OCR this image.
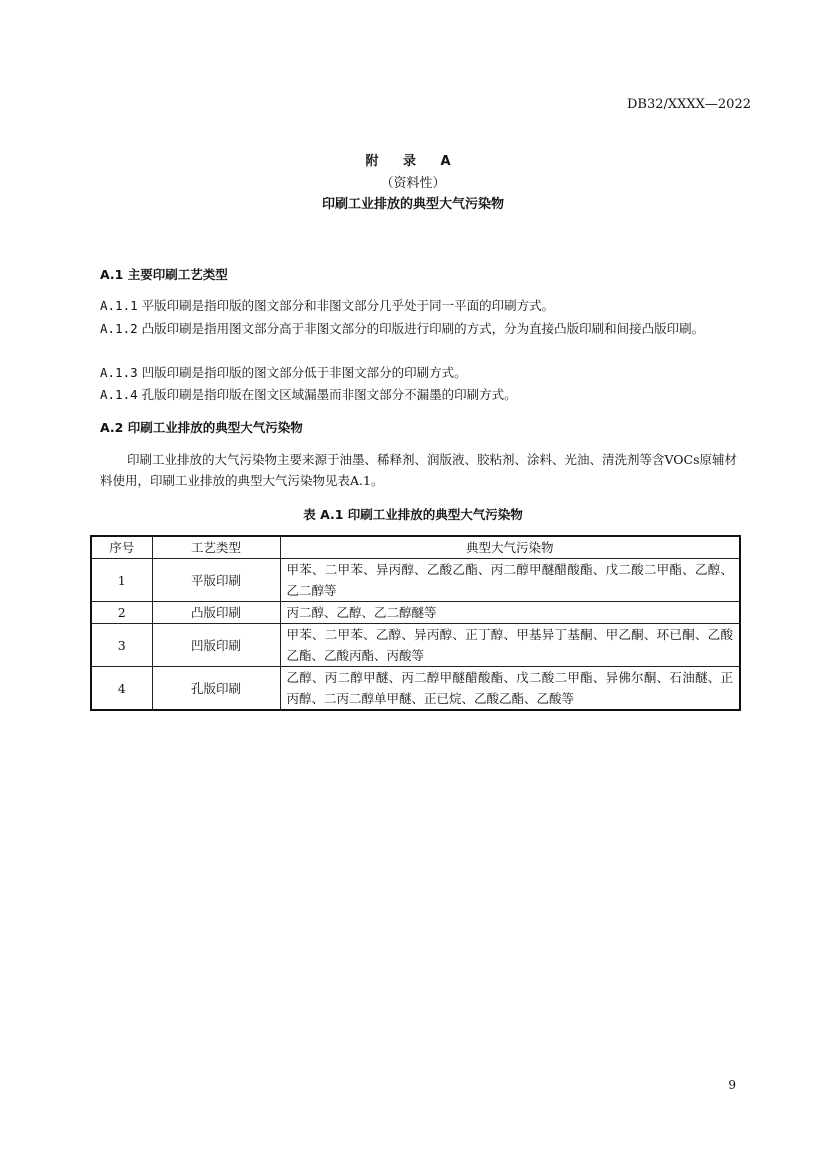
DB32/XXXX—2022
附 录 A
（资料性）
印刷工业排放的典型大气污染物
A.1 主要印刷工艺类型
A.1.1 平版印刷是指印版的图文部分和非图文部分几乎处于同一平面的印刷方式。
A.1.2 凸版印刷是指用图文部分高于非图文部分的印版进行印刷的方式，分为直接凸版印刷和间接凸版印刷。
A.1.3 凹版印刷是指印版的图文部分低于非图文部分的印刷方式。
A.1.4 孔版印刷是指印版在图文区域漏墨而非图文部分不漏墨的印刷方式。
A.2 印刷工业排放的典型大气污染物
印刷工业排放的大气污染物主要来源于油墨、稀释剂、润版液、胶粘剂、涂料、光油、清洗剂等含VOCs原辅材料使用，印刷工业排放的典型大气污染物见表A.1。
表 A.1 印刷工业排放的典型大气污染物
序号	工艺类型	典型大气污染物
1	平版印刷	甲苯、二甲苯、异丙醇、乙酸乙酯、丙二醇甲醚醋酸酯、戊二酸二甲酯、乙醇、乙二醇等
2	凸版印刷	丙二醇、乙醇、乙二醇醚等
3	凹版印刷	甲苯、二甲苯、乙醇、异丙醇、正丁醇、甲基异丁基酮、甲乙酮、环已酮、乙酸乙酯、乙酸丙酯、丙酸等
4	孔版印刷	乙醇、丙二醇甲醚、丙二醇甲醚醋酸酯、戊二酸二甲酯、异佛尔酮、石油醚、正丙醇、二丙二醇单甲醚、正已烷、乙酸乙酯、乙酸等
9
